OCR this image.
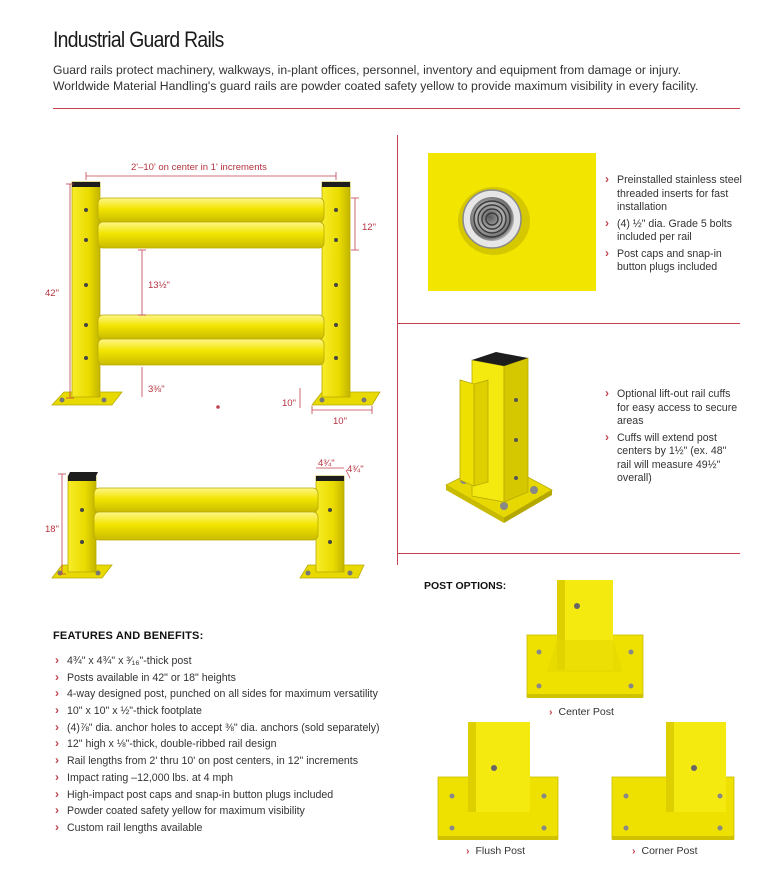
Industrial Guard Rails

Guard rails protect machinery, walkways, in-plant offices, personnel, inventory and equipment from damage or injury.

Worldwide Material Handling's guard rails are powder coated safety yellow to provide maximum visibility in every facility.

2'–10' on center in 1' increments
42"
12"
13½"
3⅜"
10"
10"
18"
4¾"
4¾"
› Preinstalled stainless steel threaded inserts for fast installation
› (4) ½" dia. Grade 5 bolts included per rail
› Post caps and snap-in button plugs included
› Optional lift-out rail cuffs for easy access to secure areas
› Cuffs will extend post centers by 1½" (ex. 48" rail will measure 49½" overall)
FEATURES AND BENEFITS:
› 4¾" x 4¾" x ³⁄₁₆"-thick post
› Posts available in 42" or 18" heights
› 4-way designed post, punched on all sides for maximum versatility
› 10" x 10" x ½"-thick footplate
› (4)⅞" dia. anchor holes to accept ⅜" dia. anchors (sold separately)
› 12" high x ⅛"-thick, double-ribbed rail design
› Rail lengths from 2' thru 10' on post centers, in 12" increments
› Impact rating –12,000 lbs. at 4 mph
› High-impact post caps and snap-in button plugs included
› Powder coated safety yellow for maximum visibility
› Custom rail lengths available
POST OPTIONS:
› Center Post
› Flush Post	› Corner Post
